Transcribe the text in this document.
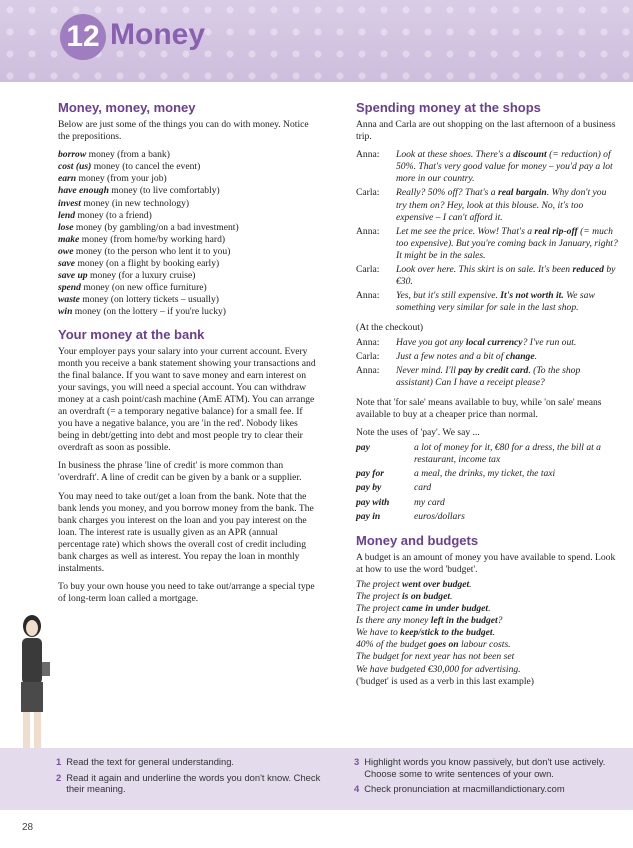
12 Money
Money, money, money

Below are just some of the things you can do with money. Notice the prepositions.

borrow money (from a bank)
cost (us) money (to cancel the event)
earn money (from your job)
have enough money (to live comfortably)
invest money (in new technology)
lend money (to a friend)
lose money (by gambling/on a bad investment)
make money (from home/by working hard)
owe money (to the person who lent it to you)
save money (on a flight by booking early)
save up money (for a luxury cruise)
spend money (on new office furniture)
waste money (on lottery tickets – usually)
win money (on the lottery – if you're lucky)
Your money at the bank

Your employer pays your salary into your current account. Every month you receive a bank statement showing your transactions and the final balance. If you want to save money and earn interest on your savings, you will need a special account. You can withdraw money at a cash point/cash machine (AmE ATM). You can arrange an overdraft (= a temporary negative balance) for a small fee. If you have a negative balance, you are 'in the red'. Nobody likes being in debt/getting into debt and most people try to clear their overdraft as soon as possible.

In business the phrase 'line of credit' is more common than 'overdraft'. A line of credit can be given by a bank or a supplier.

You may need to take out/get a loan from the bank. Note that the bank lends you money, and you borrow money from the bank. The bank charges you interest on the loan and you pay interest on the loan. The interest rate is usually given as an APR (annual percentage rate) which shows the overall cost of credit including bank charges as well as interest. You repay the loan in monthly instalments.

To buy your own house you need to take out/arrange a special type of long-term loan called a mortgage.

Spending money at the shops

Anna and Carla are out shopping on the last afternoon of a business trip.

Anna:	Look at these shoes. There's a discount (= reduction) of 50%. That's very good value for money – you'd pay a lot more in our country.
Carla:	Really? 50% off? That's a real bargain. Why don't you try them on? Hey, look at this blouse. No, it's too expensive – I can't afford it.
Anna:	Let me see the price. Wow! That's a real rip-off (= much too expensive). But you're coming back in January, right? It might be in the sales.
Carla:	Look over here. This skirt is on sale. It's been reduced by €30.
Anna:	Yes, but it's still expensive. It's not worth it. We saw something very similar for sale in the last shop.
(At the checkout)
Anna:	Have you got any local currency? I've run out.
Carla:	Just a few notes and a bit of change.
Anna:	Never mind. I'll pay by credit card. (To the shop assistant) Can I have a receipt please?

Note that 'for sale' means available to buy, while 'on sale' means available to buy at a cheaper price than normal.

Note the uses of 'pay'. We say ...

pay	a lot of money for it, €80 for a dress, the bill at a restaurant, income tax
pay for	a meal, the drinks, my ticket, the taxi
pay by	card
pay with	my card
pay in	euros/dollars
Money and budgets

A budget is an amount of money you have available to spend. Look at how to use the word 'budget'.

The project went over budget.
The project is on budget.
The project came in under budget.
Is there any money left in the budget?
We have to keep/stick to the budget.
40% of the budget goes on labour costs.
The budget for next year has not been set
We have budgeted €30,000 for advertising.
('budget' is used as a verb in this last example)
1 Read the text for general understanding.
2 Read it again and underline the words you don't know. Check their meaning.
3 Highlight words you know passively, but don't use actively. Choose some to write sentences of your own.
4 Check pronunciation at macmillandictionary.com
28
